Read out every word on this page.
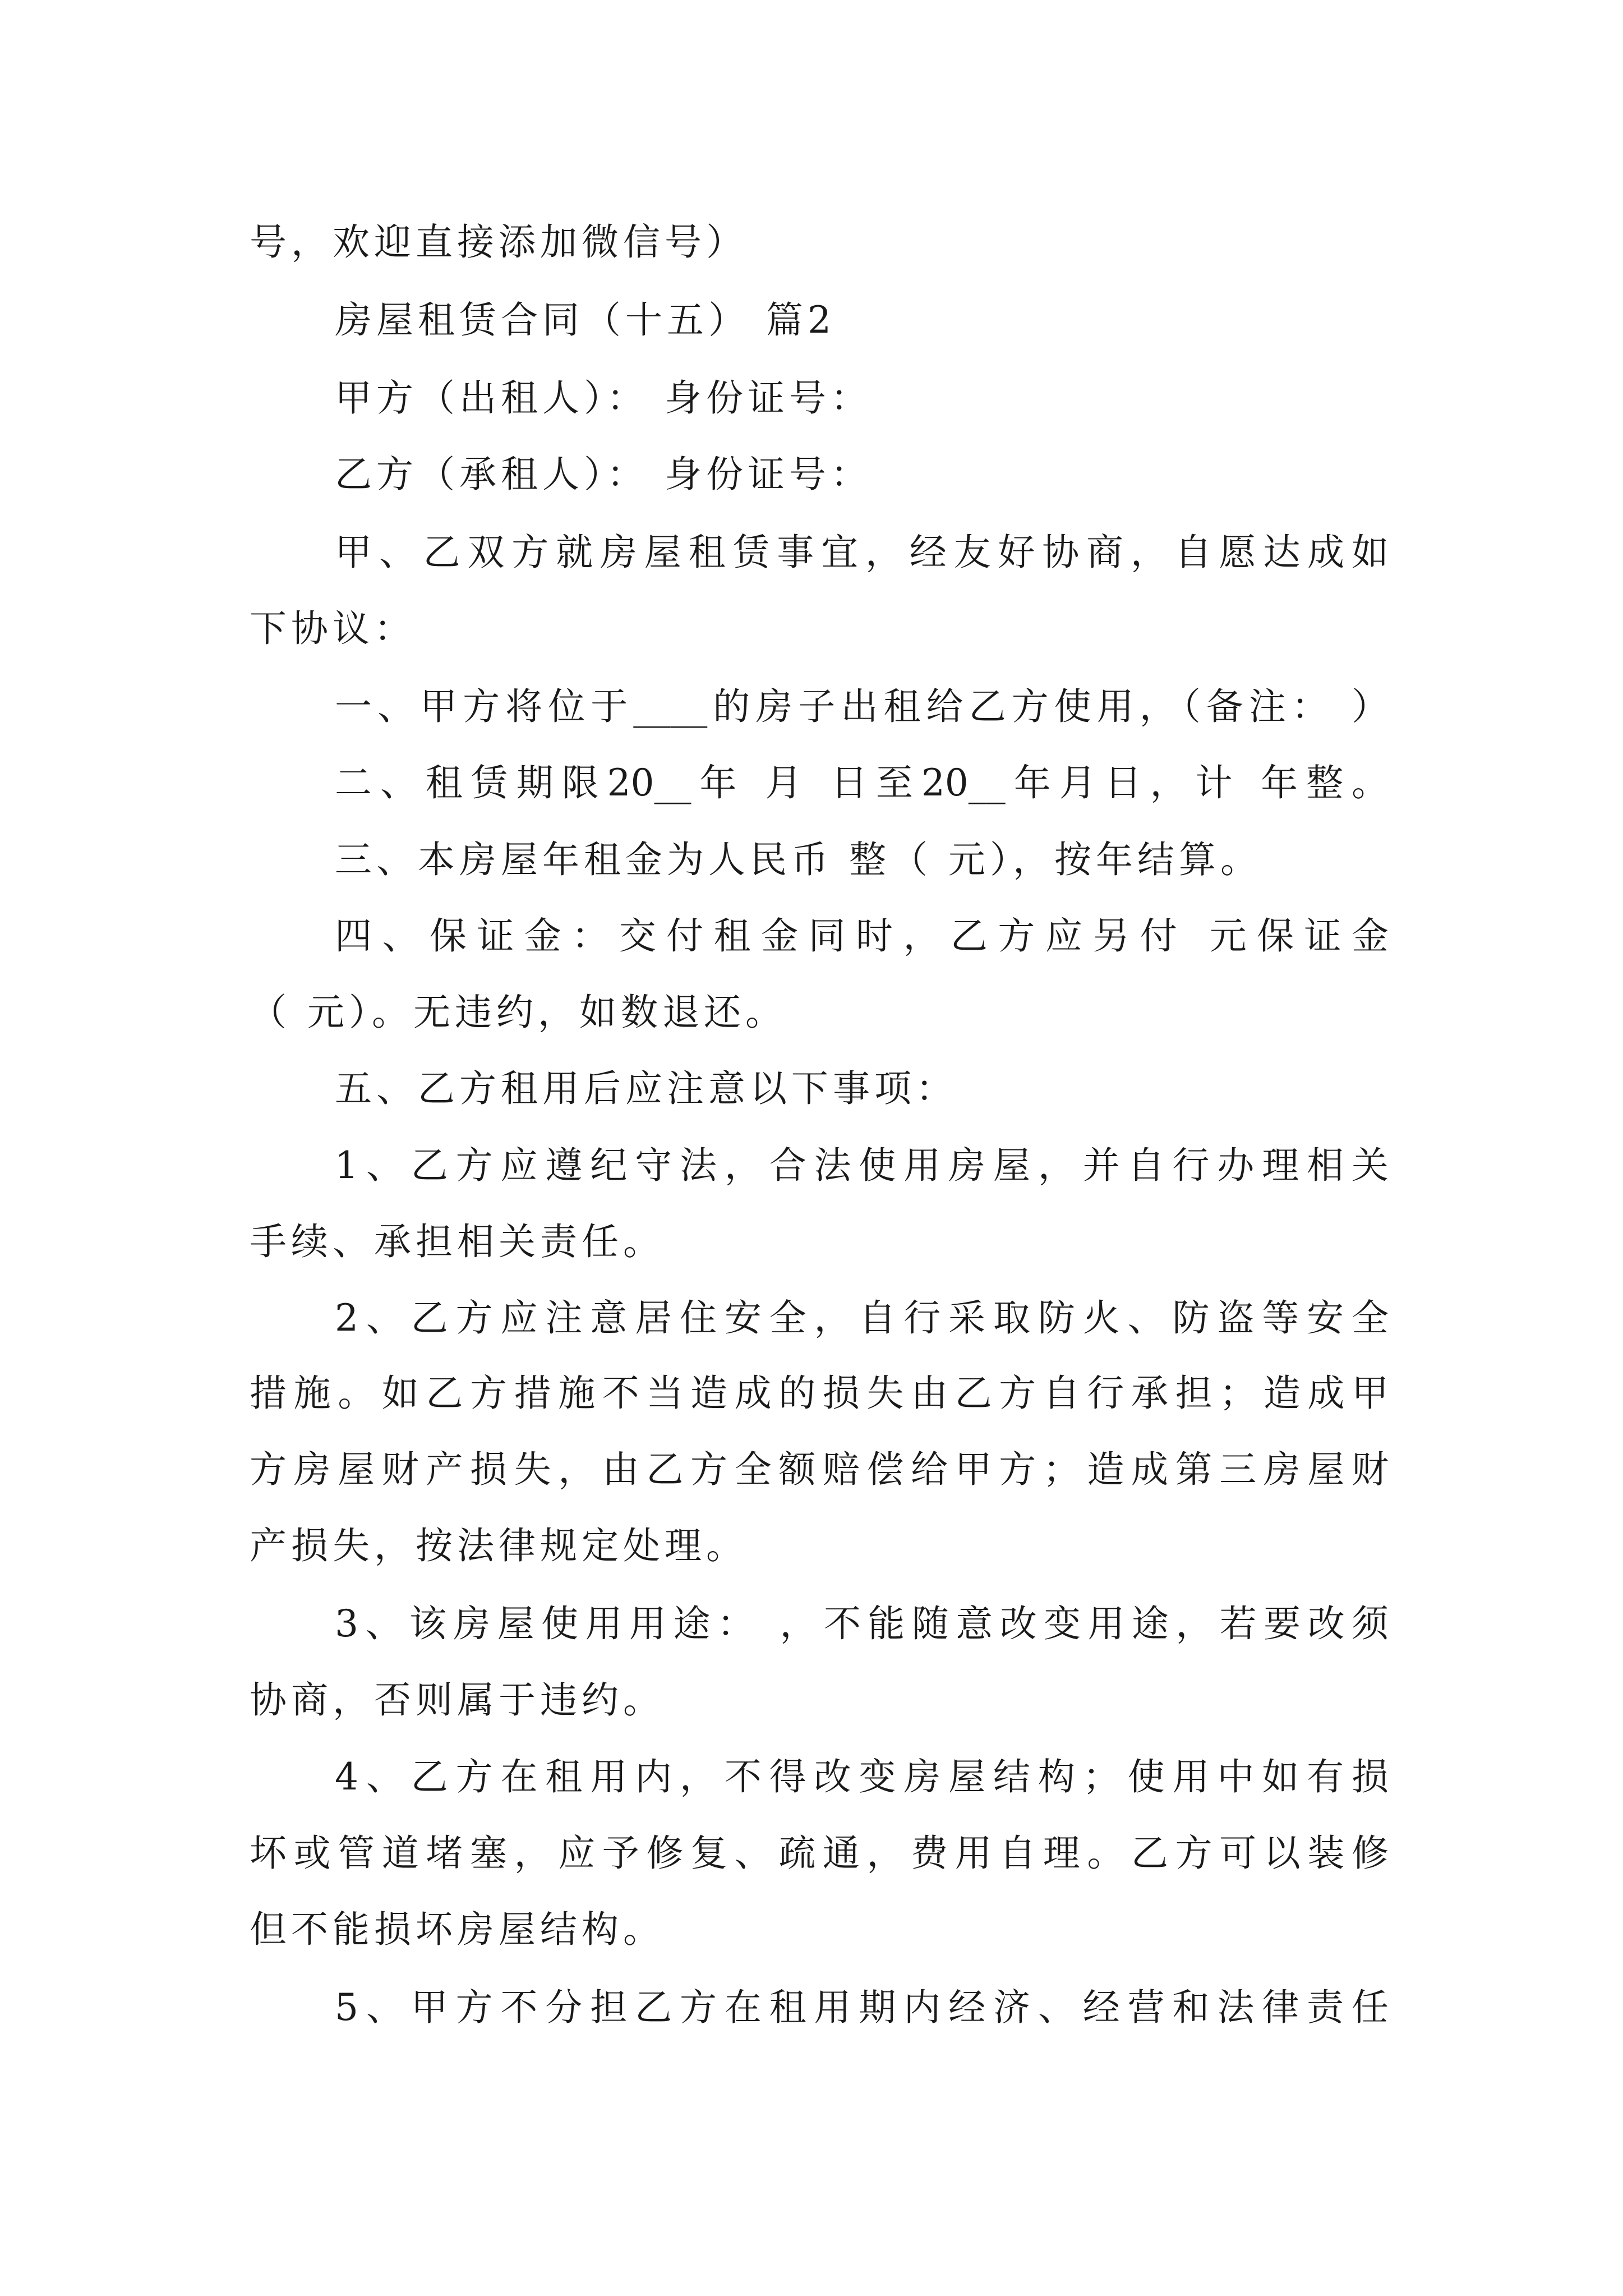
号，欢迎直接添加微信号）
房屋租赁合同（十五） 篇2
甲方（出租人）： 身份证号：
乙方（承租人）： 身份证号：
甲、乙双方就房屋租赁事宜，经友好协商，自愿达成如
下协议：
一、甲方将位于____的房子出租给乙方使用，（备注： ）
二、租赁期限20__年 月 日至20__年月日，计 年整。
三、本房屋年租金为人民币 整（ 元），按年结算。
四、保证金：交付租金同时，乙方应另付 元保证金
（ 元）。无违约，如数退还。
五、乙方租用后应注意以下事项：
1、乙方应遵纪守法，合法使用房屋，并自行办理相关
手续、承担相关责任。
2、乙方应注意居住安全，自行采取防火、防盗等安全
措施。如乙方措施不当造成的损失由乙方自行承担；造成甲
方房屋财产损失，由乙方全额赔偿给甲方；造成第三房屋财
产损失，按法律规定处理。
3、该房屋使用用途： ，不能随意改变用途，若要改须
协商，否则属于违约。
4、乙方在租用内，不得改变房屋结构；使用中如有损
坏或管道堵塞，应予修复、疏通，费用自理。乙方可以装修
但不能损坏房屋结构。
5、甲方不分担乙方在租用期内经济、经营和法律责任
